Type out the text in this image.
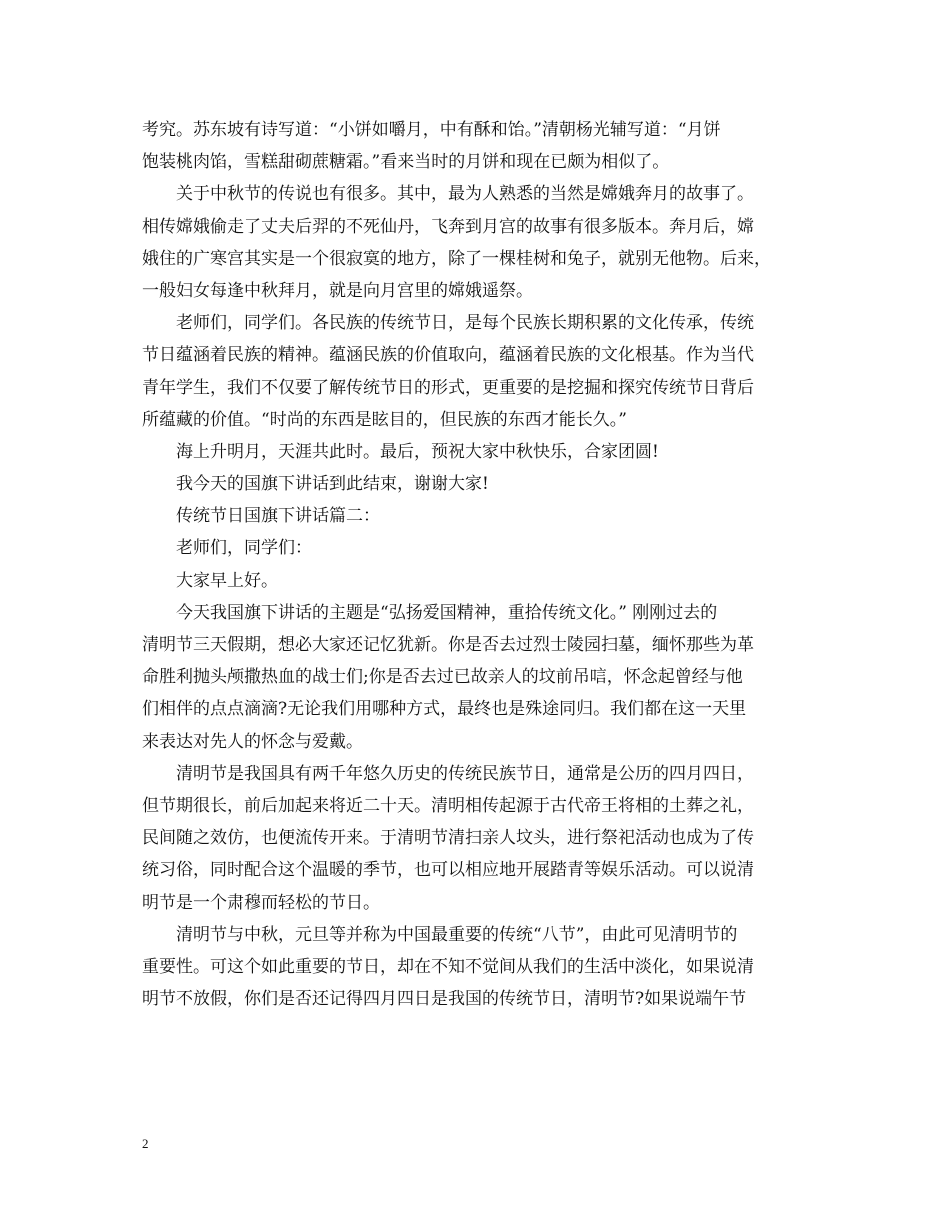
考究。苏东坡有诗写道：“小饼如嚼月，中有酥和饴。”清朝杨光辅写道：“月饼
饱装桃肉馅，雪糕甜砌蔗糖霜。”看来当时的月饼和现在已颇为相似了。
关于中秋节的传说也有很多。其中，最为人熟悉的当然是嫦娥奔月的故事了。
相传嫦娥偷走了丈夫后羿的不死仙丹，飞奔到月宫的故事有很多版本。奔月后，嫦
娥住的广寒宫其实是一个很寂寞的地方，除了一棵桂树和兔子，就别无他物。后来，
一般妇女每逢中秋拜月，就是向月宫里的嫦娥遥祭。
老师们，同学们。各民族的传统节日，是每个民族长期积累的文化传承，传统
节日蕴涵着民族的精神。蕴涵民族的价值取向，蕴涵着民族的文化根基。作为当代
青年学生，我们不仅要了解传统节日的形式，更重要的是挖掘和探究传统节日背后
所蕴藏的价值。“时尚的东西是眩目的，但民族的东西才能长久。”
海上升明月，天涯共此时。最后，预祝大家中秋快乐，合家团圆!
我今天的国旗下讲话到此结束，谢谢大家!
传统节日国旗下讲话篇二：
老师们，同学们：
大家早上好。
今天我国旗下讲话的主题是“弘扬爱国精神，重拾传统文化。” 刚刚过去的
清明节三天假期，想必大家还记忆犹新。你是否去过烈士陵园扫墓，缅怀那些为革
命胜利抛头颅撒热血的战士们;你是否去过已故亲人的坟前吊唁，怀念起曾经与他
们相伴的点点滴滴?无论我们用哪种方式，最终也是殊途同归。我们都在这一天里
来表达对先人的怀念与爱戴。
清明节是我国具有两千年悠久历史的传统民族节日，通常是公历的四月四日，
但节期很长，前后加起来将近二十天。清明相传起源于古代帝王将相的土葬之礼，
民间随之效仿，也便流传开来。于清明节清扫亲人坟头，进行祭祀活动也成为了传
统习俗，同时配合这个温暖的季节，也可以相应地开展踏青等娱乐活动。可以说清
明节是一个肃穆而轻松的节日。
清明节与中秋，元旦等并称为中国最重要的传统“八节”，由此可见清明节的
重要性。可这个如此重要的节日，却在不知不觉间从我们的生活中淡化，如果说清
明节不放假，你们是否还记得四月四日是我国的传统节日，清明节?如果说端午节
2
